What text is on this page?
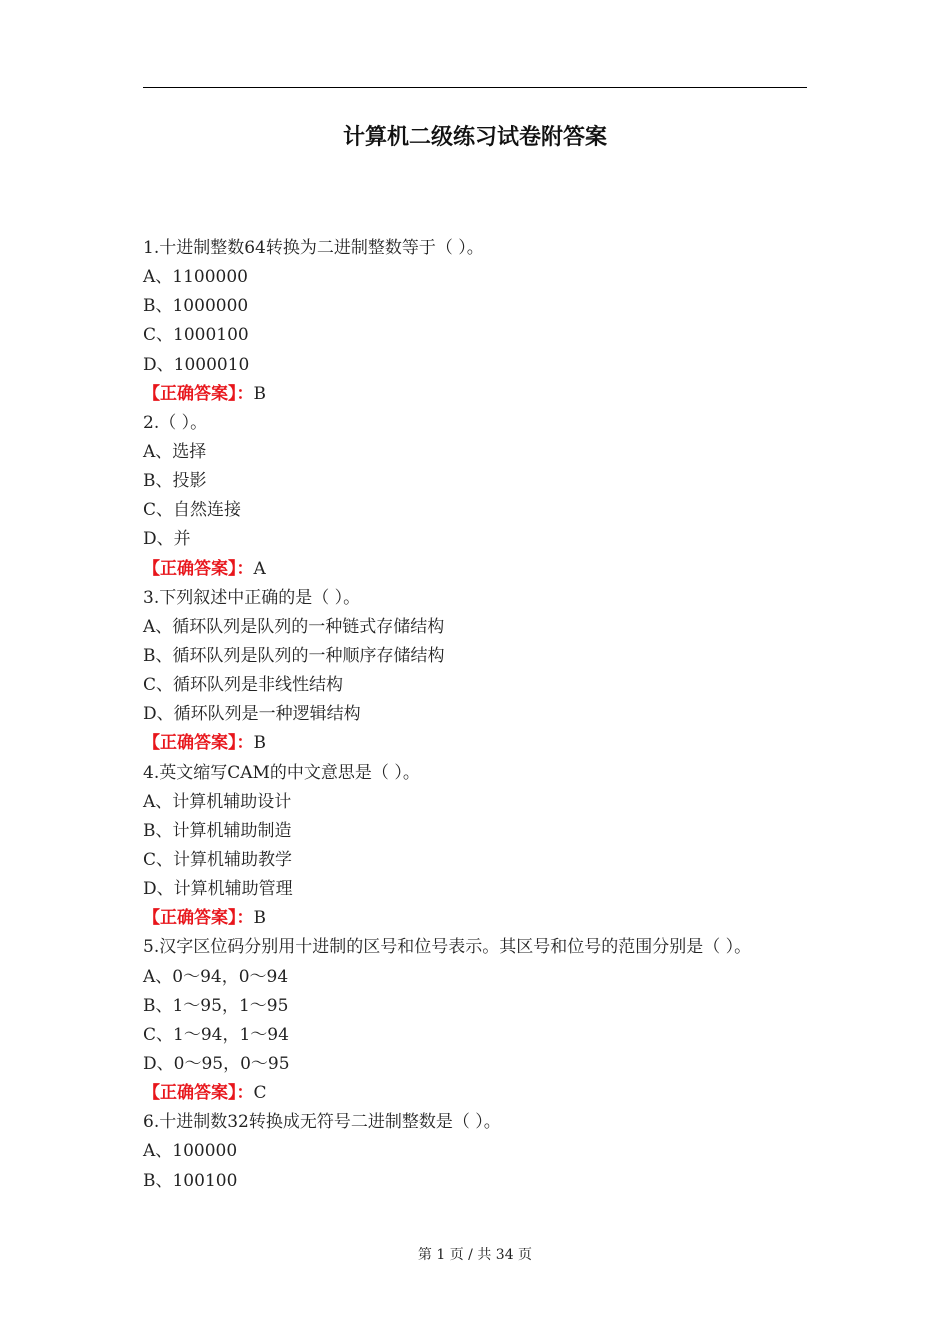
计算机二级练习试卷附答案
1.十进制整数64转换为二进制整数等于（ ）。
A、1100000
B、1000000
C、1000100
D、1000010
【正确答案】：B
2.（ ）。
A、选择
B、投影
C、自然连接
D、并
【正确答案】：A
3.下列叙述中正确的是（ ）。
A、循环队列是队列的一种链式存储结构
B、循环队列是队列的一种顺序存储结构
C、循环队列是非线性结构
D、循环队列是一种逻辑结构
【正确答案】：B
4.英文缩写CAM的中文意思是（ ）。
A、计算机辅助设计
B、计算机辅助制造
C、计算机辅助教学
D、计算机辅助管理
【正确答案】：B
5.汉字区位码分别用十进制的区号和位号表示。其区号和位号的范围分别是（ ）。
A、0～94，0～94
B、1～95，1～95
C、1～94，1～94
D、0～95，0～95
【正确答案】：C
6.十进制数32转换成无符号二进制整数是（ ）。
A、100000
B、100100
第 1 页 / 共 34 页
